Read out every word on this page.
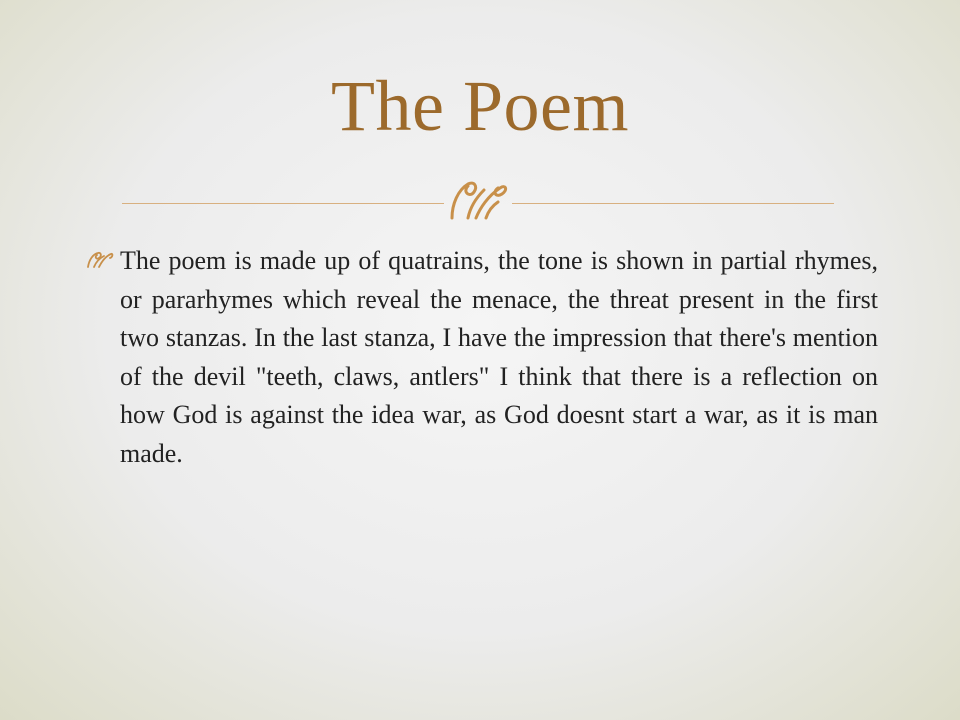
The Poem

The poem is made up of quatrains, the tone is shown in partial rhymes, or pararhymes which reveal the menace, the threat present in the first two stanzas. In the last stanza, I have the impression that there's mention of the devil "teeth, claws, antlers" I think that there is a reflection on how God is against the idea war, as God doesnt start a war, as it is man made.
